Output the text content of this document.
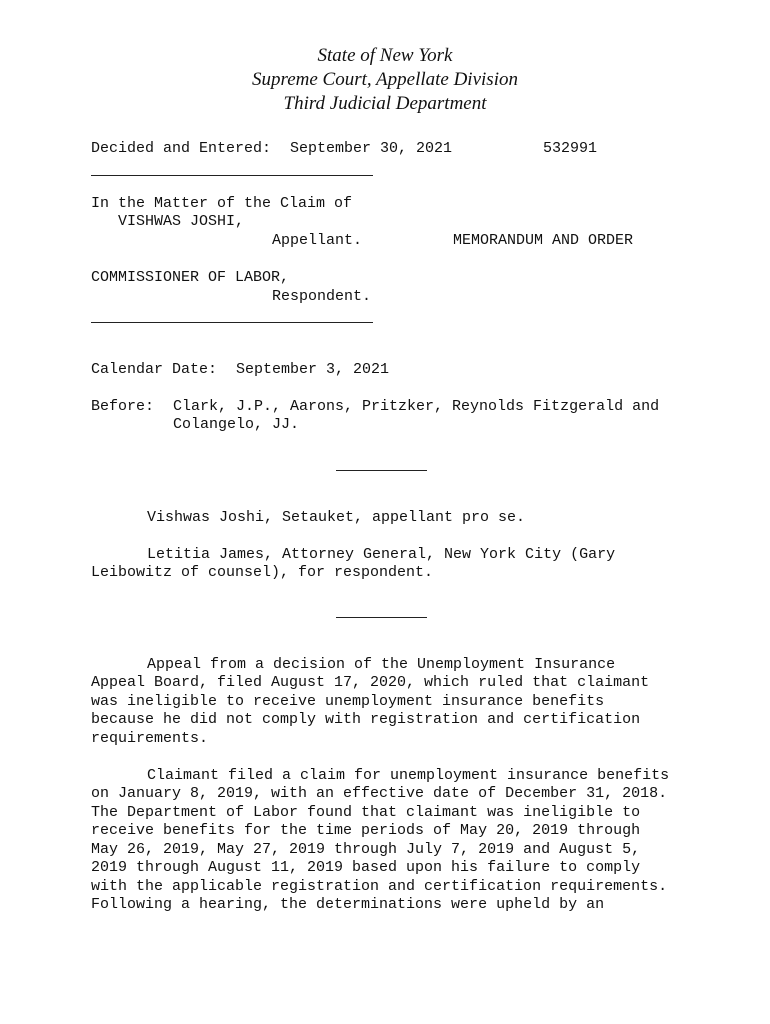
State of New York
Supreme Court, Appellate Division
Third Judicial Department
Decided and Entered: September 30, 2021	532991
In the Matter of the Claim of
VISHWAS JOSHI,
Appellant.	MEMORANDUM AND ORDER
COMMISSIONER OF LABOR,
Respondent.
Calendar Date: September 3, 2021
Before: Clark, J.P., Aarons, Pritzker, Reynolds Fitzgerald and
Colangelo, JJ.
Vishwas Joshi, Setauket, appellant pro se.
Letitia James, Attorney General, New York City (Gary
Leibowitz of counsel), for respondent.
Appeal from a decision of the Unemployment Insurance
Appeal Board, filed August 17, 2020, which ruled that claimant
was ineligible to receive unemployment insurance benefits
because he did not comply with registration and certification
requirements.
Claimant filed a claim for unemployment insurance benefits
on January 8, 2019, with an effective date of December 31, 2018.
The Department of Labor found that claimant was ineligible to
receive benefits for the time periods of May 20, 2019 through
May 26, 2019, May 27, 2019 through July 7, 2019 and August 5,
2019 through August 11, 2019 based upon his failure to comply
with the applicable registration and certification requirements.
Following a hearing, the determinations were upheld by an
